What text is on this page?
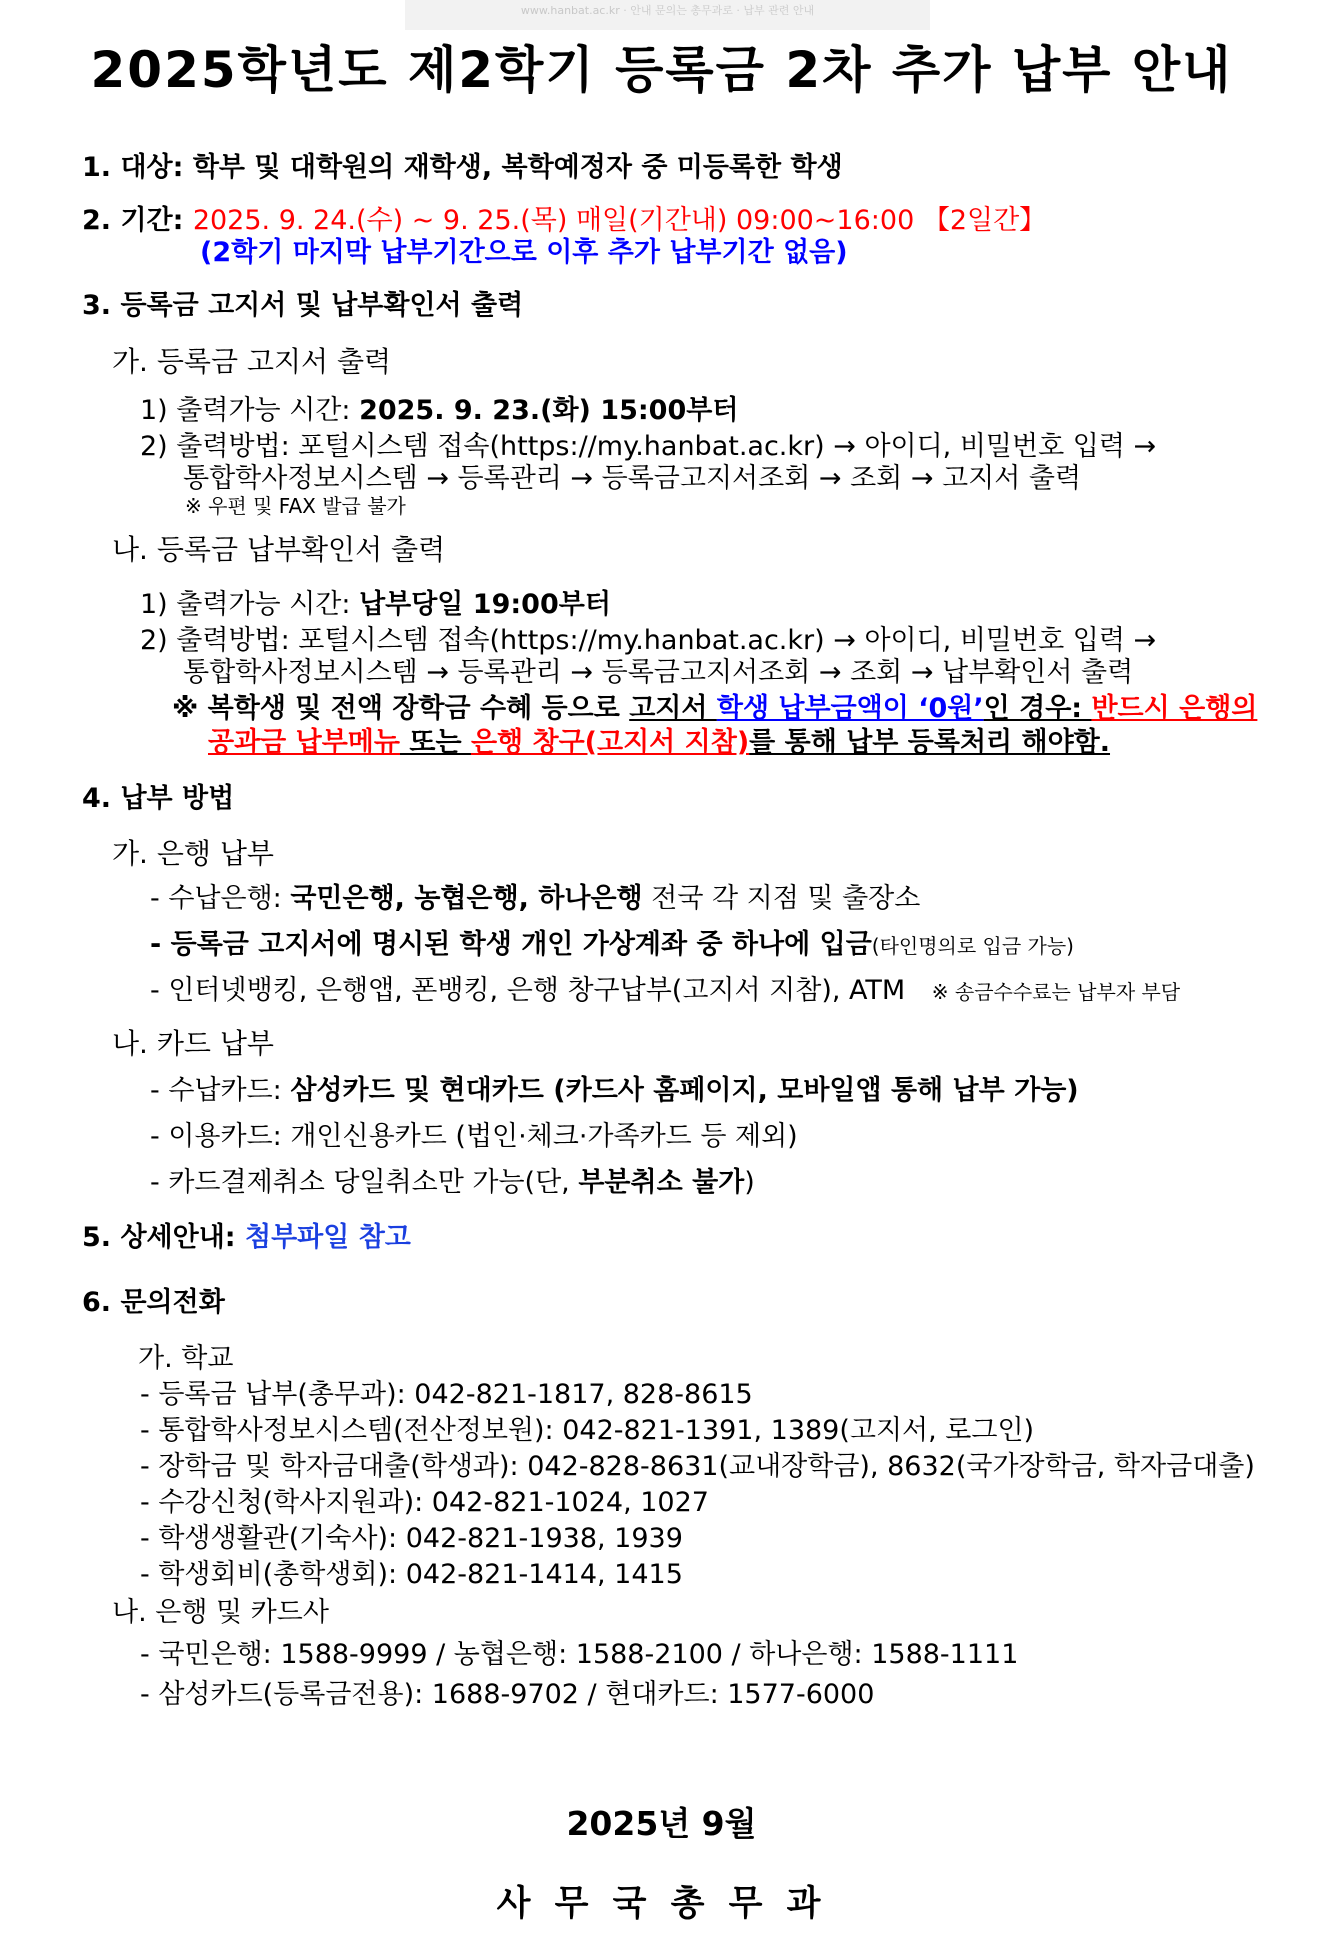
www.hanbat.ac.kr · 안내 문의는 총무과로 · 납부 관련 안내
2025학년도 제2학기 등록금 2차 추가 납부 안내
1. 대상: 학부 및 대학원의 재학생, 복학예정자 중 미등록한 학생
2. 기간: 2025. 9. 24.(수) ~ 9. 25.(목) 매일(기간내) 09:00~16:00 【2일간】
(2학기 마지막 납부기간으로 이후 추가 납부기간 없음)
3. 등록금 고지서 및 납부확인서 출력
가. 등록금 고지서 출력
1) 출력가능 시간: 2025. 9. 23.(화) 15:00부터
2) 출력방법: 포털시스템 접속(https://my.hanbat.ac.kr) → 아이디, 비밀번호 입력 →
통합학사정보시스템 → 등록관리 → 등록금고지서조회 → 조회 → 고지서 출력
※ 우편 및 FAX 발급 불가
나. 등록금 납부확인서 출력
1) 출력가능 시간: 납부당일 19:00부터
2) 출력방법: 포털시스템 접속(https://my.hanbat.ac.kr) → 아이디, 비밀번호 입력 →
통합학사정보시스템 → 등록관리 → 등록금고지서조회 → 조회 → 납부확인서 출력
※ 복학생 및 전액 장학금 수혜 등으로 고지서 학생 납부금액이 ‘0원’인 경우: 반드시 은행의
공과금 납부메뉴 또는 은행 창구(고지서 지참)를 통해 납부 등록처리 해야함.
4. 납부 방법
가. 은행 납부
- 수납은행: 국민은행, 농협은행, 하나은행 전국 각 지점 및 출장소
- 등록금 고지서에 명시된 학생 개인 가상계좌 중 하나에 입금(타인명의로 입금 가능)
- 인터넷뱅킹, 은행앱, 폰뱅킹, 은행 창구납부(고지서 지참), ATM ※ 송금수수료는 납부자 부담
나. 카드 납부
- 수납카드: 삼성카드 및 현대카드 (카드사 홈페이지, 모바일앱 통해 납부 가능)
- 이용카드: 개인신용카드 (법인·체크·가족카드 등 제외)
- 카드결제취소 당일취소만 가능(단, 부분취소 불가)
5. 상세안내: 첨부파일 참고
6. 문의전화
가. 학교
- 등록금 납부(총무과): 042-821-1817, 828-8615
- 통합학사정보시스템(전산정보원): 042-821-1391, 1389(고지서, 로그인)
- 장학금 및 학자금대출(학생과): 042-828-8631(교내장학금), 8632(국가장학금, 학자금대출)
- 수강신청(학사지원과): 042-821-1024, 1027
- 학생생활관(기숙사): 042-821-1938, 1939
- 학생회비(총학생회): 042-821-1414, 1415
나. 은행 및 카드사
- 국민은행: 1588-9999 / 농협은행: 1588-2100 / 하나은행: 1588-1111
- 삼성카드(등록금전용): 1688-9702 / 현대카드: 1577-6000
2025년 9월
사 무 국 총 무 과
